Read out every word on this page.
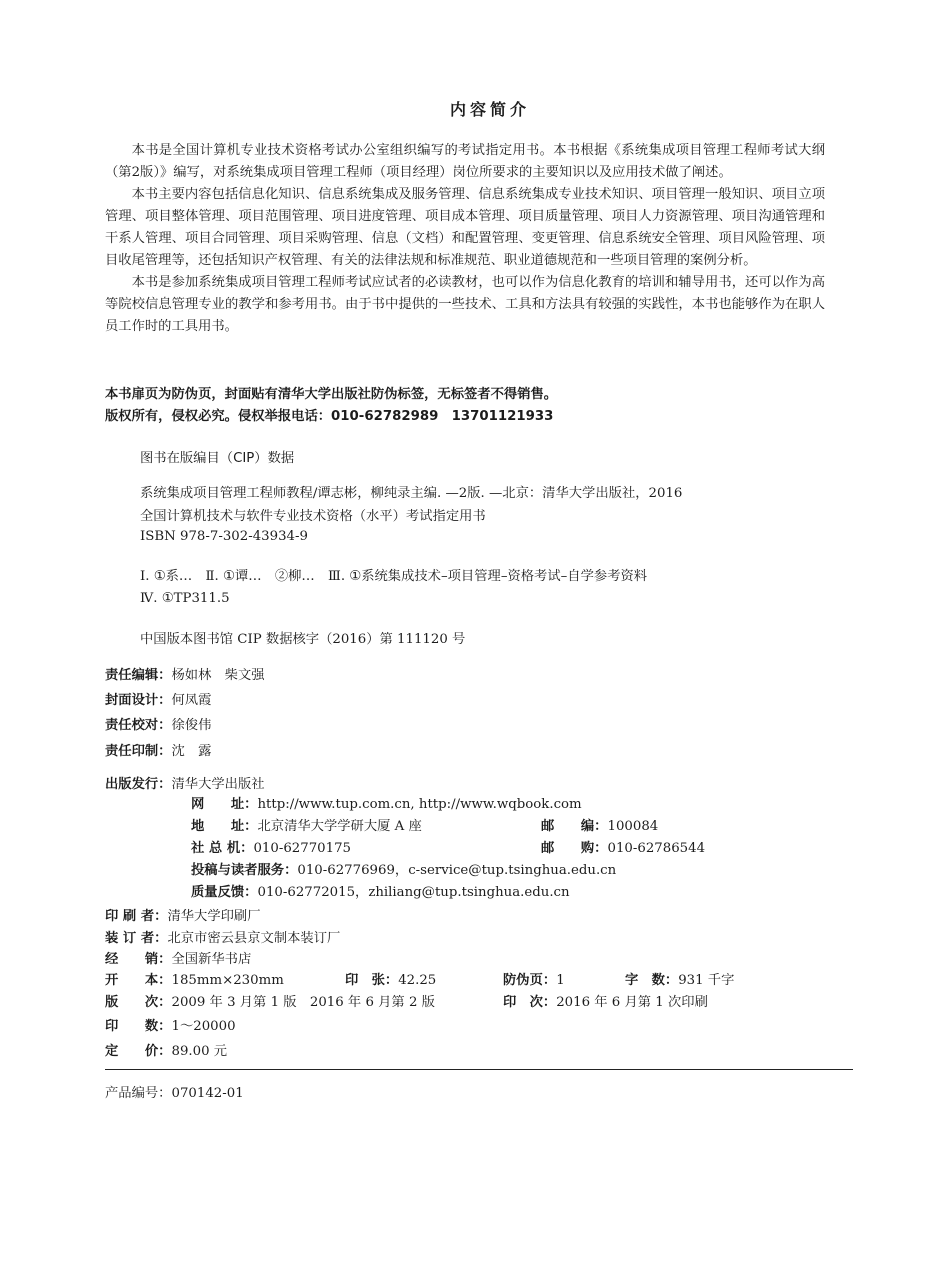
内容简介

本书是全国计算机专业技术资格考试办公室组织编写的考试指定用书。本书根据《系统集成项目管理工程师考试大纲（第2版）》编写，对系统集成项目管理工程师（项目经理）岗位所要求的主要知识以及应用技术做了阐述。

本书主要内容包括信息化知识、信息系统集成及服务管理、信息系统集成专业技术知识、项目管理一般知识、项目立项管理、项目整体管理、项目范围管理、项目进度管理、项目成本管理、项目质量管理、项目人力资源管理、项目沟通管理和干系人管理、项目合同管理、项目采购管理、信息（文档）和配置管理、变更管理、信息系统安全管理、项目风险管理、项目收尾管理等，还包括知识产权管理、有关的法律法规和标准规范、职业道德规范和一些项目管理的案例分析。

本书是参加系统集成项目管理工程师考试应试者的必读教材，也可以作为信息化教育的培训和辅导用书，还可以作为高等院校信息管理专业的教学和参考用书。由于书中提供的一些技术、工具和方法具有较强的实践性，本书也能够作为在职人员工作时的工具用书。

本书扉页为防伪页，封面贴有清华大学出版社防伪标签，无标签者不得销售。
版权所有，侵权必究。侵权举报电话：010-62782989　13701121933
图书在版编目（CIP）数据
系统集成项目管理工程师教程/谭志彬，柳纯录主编. —2版. —北京：清华大学出版社，2016
全国计算机技术与软件专业技术资格（水平）考试指定用书
ISBN 978-7-302-43934-9
Ⅰ. ①系…　Ⅱ. ①谭…　②柳…　Ⅲ. ①系统集成技术–项目管理–资格考试–自学参考资料
Ⅳ. ①TP311.5
中国版本图书馆 CIP 数据核字（2016）第 111120 号
责任编辑：杨如林　柴文强
封面设计：何凤霞
责任校对：徐俊伟
责任印制：沈　露
出版发行：清华大学出版社
网　　址：http://www.tup.com.cn, http://www.wqbook.com
地　　址：北京清华大学学研大厦 A 座	邮　　编：100084
社 总 机：010-62770175	邮　　购：010-62786544
投稿与读者服务：010-62776969，c-service@tup.tsinghua.edu.cn
质量反馈：010-62772015，zhiliang@tup.tsinghua.edu.cn
印 刷 者：清华大学印刷厂
装 订 者：北京市密云县京文制本装订厂
经　　销：全国新华书店
开　　本：185mm×230mm	印　张：42.25	防伪页：1	字　数：931 千字
版　　次：2009 年 3 月第 1 版　2016 年 6 月第 2 版	印　次：2016 年 6 月第 1 次印刷
印　　数：1～20000
定　　价：89.00 元
产品编号：070142-01
